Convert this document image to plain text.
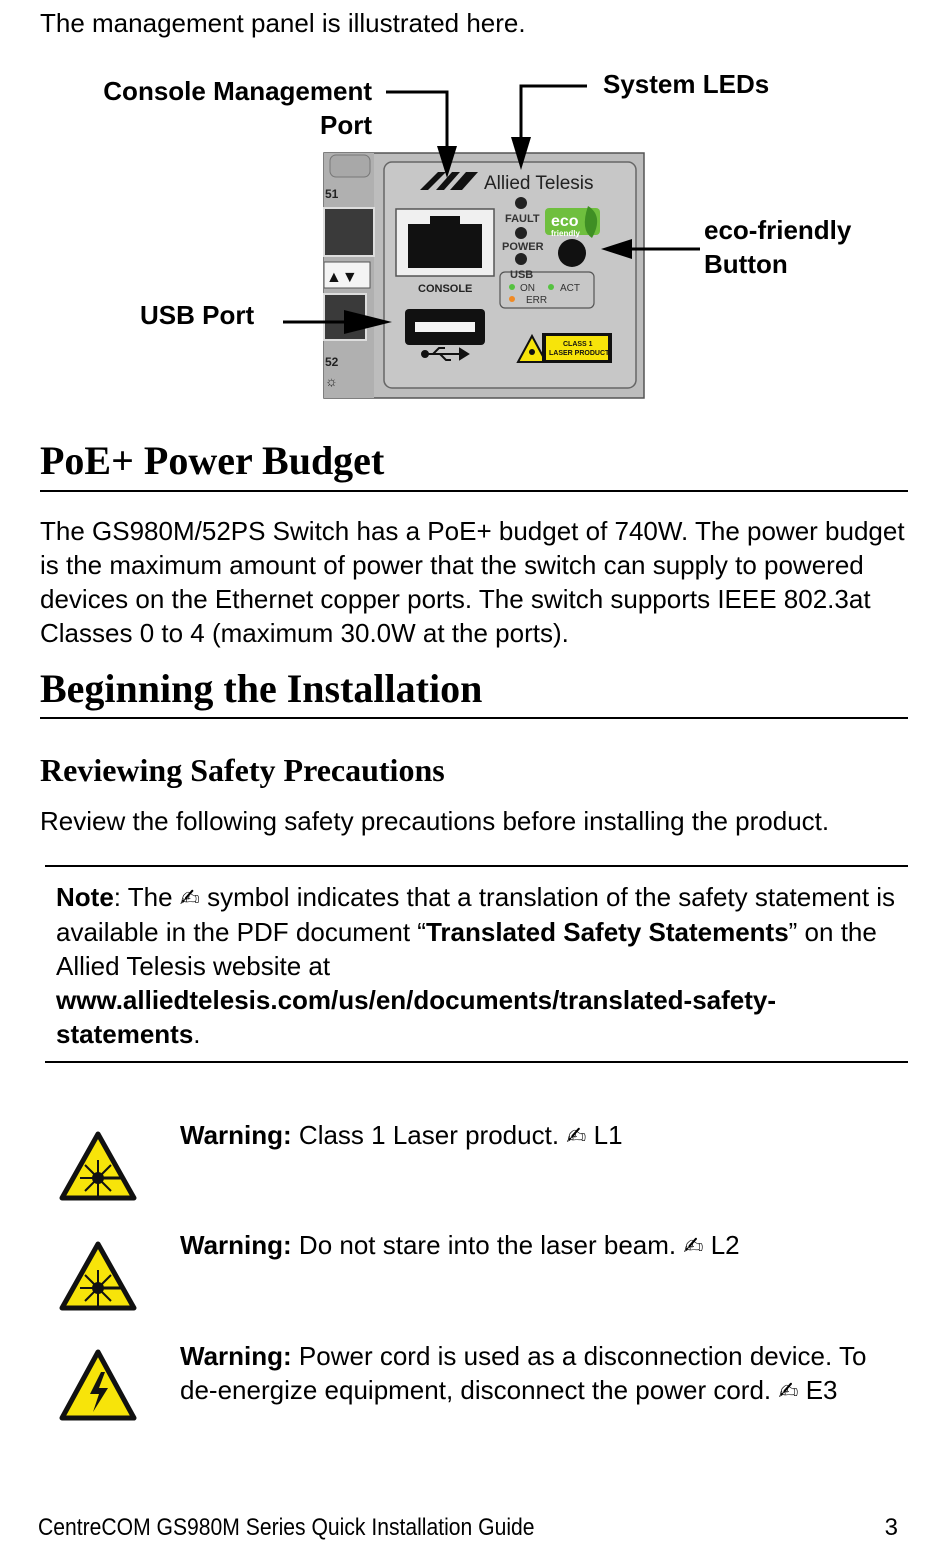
The management panel is illustrated here.
Console Management
Port
System LEDs
eco-friendly
Button
USB Port
51
▲▼
52
☼
Allied Telesis
CONSOLE
FAULT
POWER
USB
ON	ACT
ERR
eco
friendly
CLASS 1
LASER PRODUCT
PoE+ Power Budget
The GS980M/52PS Switch has a PoE+ budget of 740W. The power budget is the maximum amount of power that the switch can supply to powered devices on the Ethernet copper ports. The switch supports IEEE 802.3at Classes 0 to 4 (maximum 30.0W at the ports).
Beginning the Installation
Reviewing Safety Precautions
Review the following safety precautions before installing the product.
Note: The ✍ symbol indicates that a translation of the safety statement is available in the PDF document “Translated Safety Statements” on the Allied Telesis website at www.alliedtelesis.com/us/en/documents/translated-safety-statements.
Warning: Class 1 Laser product. ✍ L1
Warning: Do not stare into the laser beam. ✍ L2
Warning: Power cord is used as a disconnection device. To de-energize equipment, disconnect the power cord. ✍ E3
CentreCOM GS980M Series Quick Installation Guide	3
